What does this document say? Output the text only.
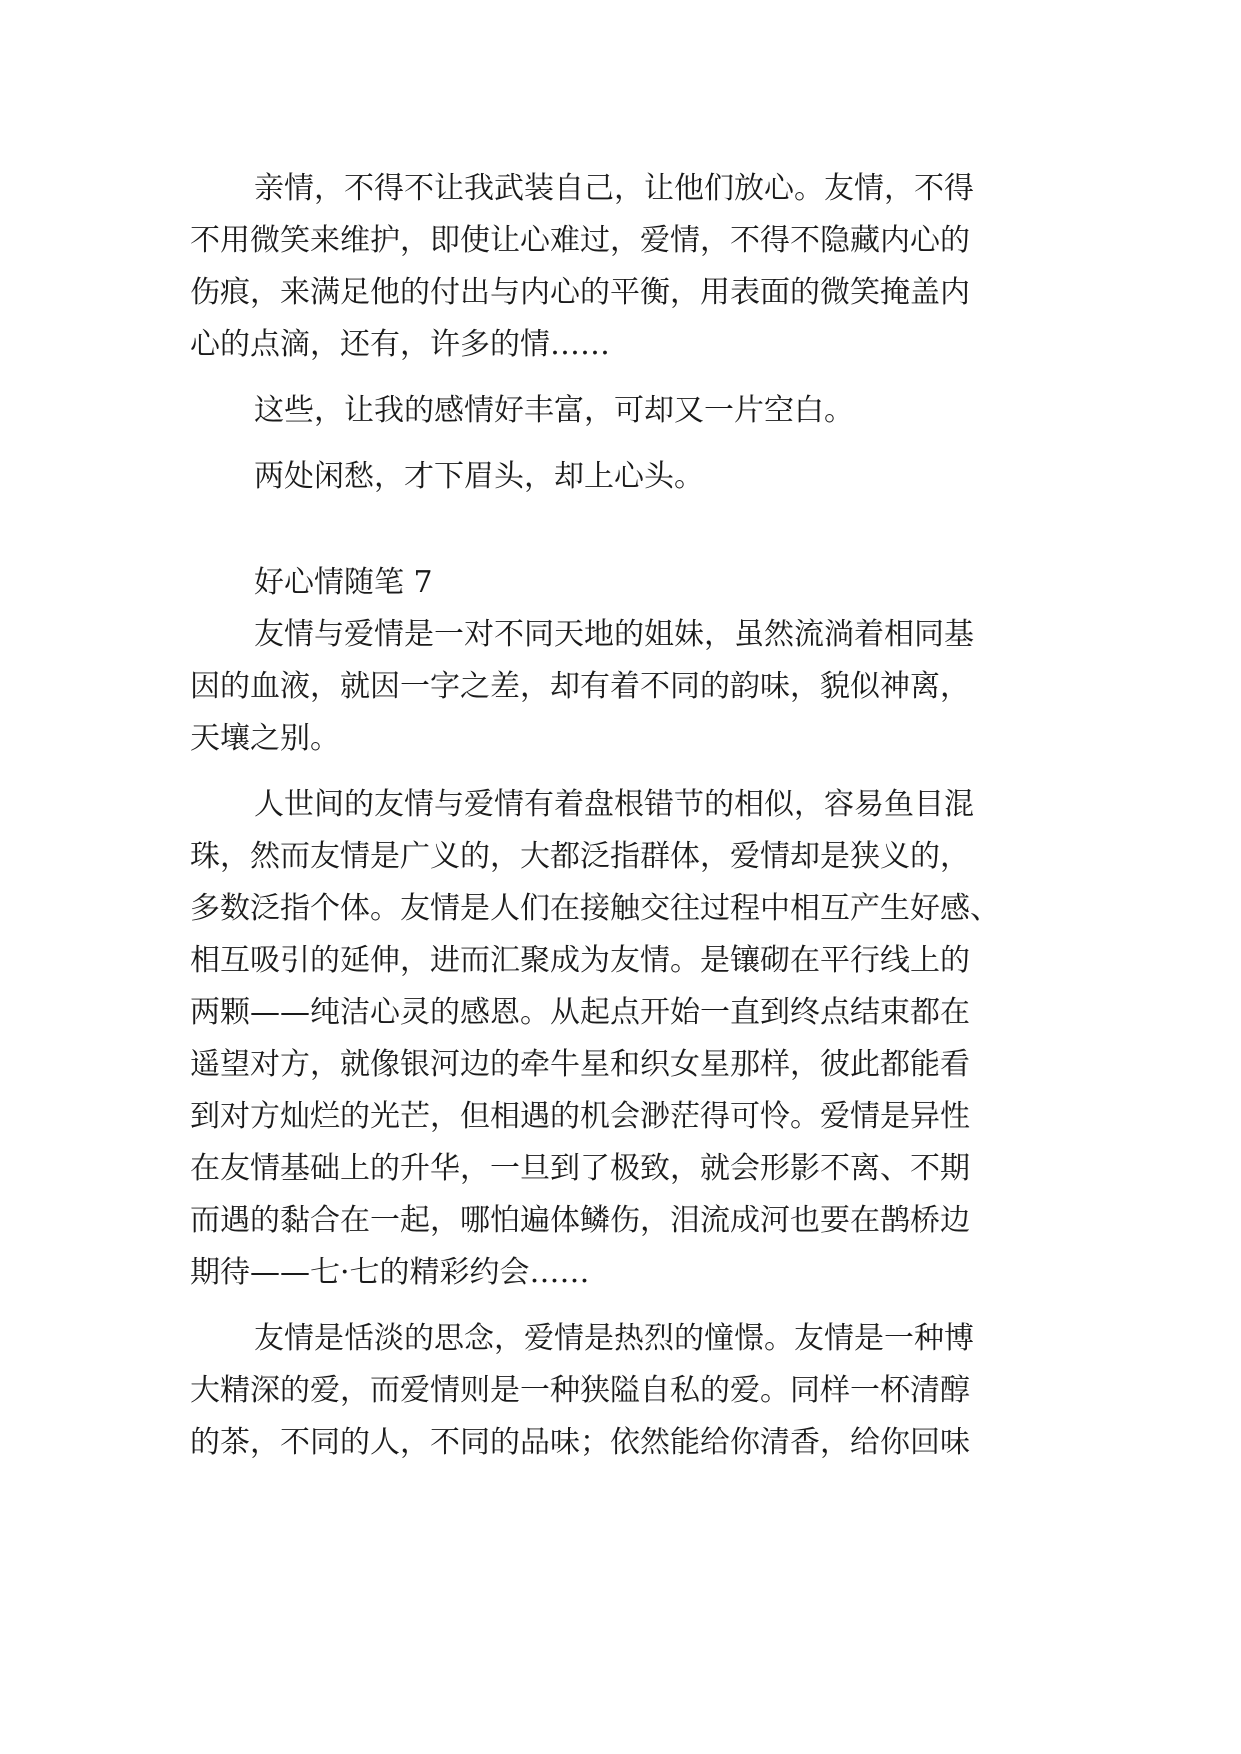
亲情，不得不让我武装自己，让他们放心。友情，不得
不用微笑来维护，即使让心难过，爱情，不得不隐藏内心的
伤痕，来满足他的付出与内心的平衡，用表面的微笑掩盖内
心的点滴，还有，许多的情……
这些，让我的感情好丰富，可却又一片空白。
两处闲愁，才下眉头，却上心头。
好心情随笔 7
友情与爱情是一对不同天地的姐妹，虽然流淌着相同基
因的血液，就因一字之差，却有着不同的韵味，貌似神离，
天壤之别。
人世间的友情与爱情有着盘根错节的相似，容易鱼目混
珠，然而友情是广义的，大都泛指群体，爱情却是狭义的，
多数泛指个体。友情是人们在接触交往过程中相互产生好感、
相互吸引的延伸，进而汇聚成为友情。是镶砌在平行线上的
两颗——纯洁心灵的感恩。从起点开始一直到终点结束都在
遥望对方，就像银河边的牵牛星和织女星那样，彼此都能看
到对方灿烂的光芒，但相遇的机会渺茫得可怜。爱情是异性
在友情基础上的升华，一旦到了极致，就会形影不离、不期
而遇的黏合在一起，哪怕遍体鳞伤，泪流成河也要在鹊桥边
期待——七·七的精彩约会……
友情是恬淡的思念，爱情是热烈的憧憬。友情是一种博
大精深的爱，而爱情则是一种狭隘自私的爱。同样一杯清醇
的茶，不同的人，不同的品味；依然能给你清香，给你回味
